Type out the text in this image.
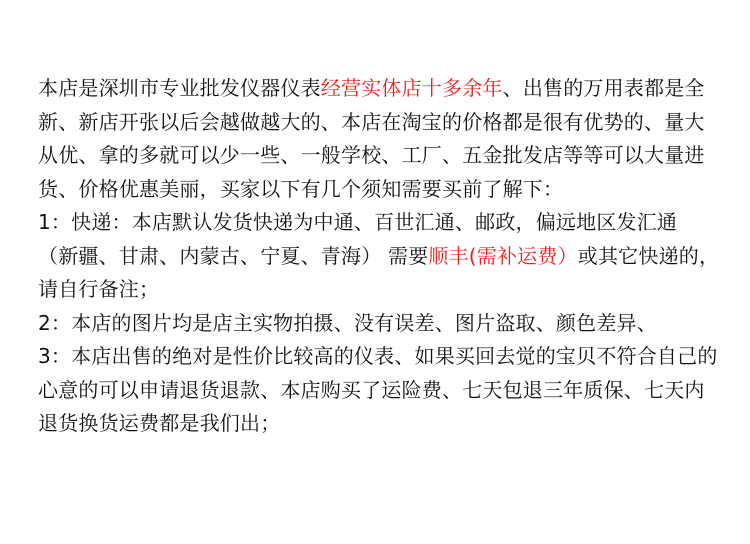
本店是深圳市专业批发仪器仪表经营实体店十多余年、出售的万用表都是全
新、新店开张以后会越做越大的、本店在淘宝的价格都是很有优势的、量大
从优、拿的多就可以少一些、一般学校、工厂、五金批发店等等可以大量进
货、价格优惠美丽，买家以下有几个须知需要买前了解下：
1：快递：本店默认发货快递为中通、百世汇通、邮政，偏远地区发汇通
（新疆、甘肃、内蒙古、宁夏、青海） 需要顺丰(需补运费）或其它快递的，
请自行备注；
2：本店的图片均是店主实物拍摄、没有误差、图片盗取、颜色差异、
3：本店出售的绝对是性价比较高的仪表、如果买回去觉的宝贝不符合自己的
心意的可以申请退货退款、本店购买了运险费、七天包退三年质保、七天内
退货换货运费都是我们出；
